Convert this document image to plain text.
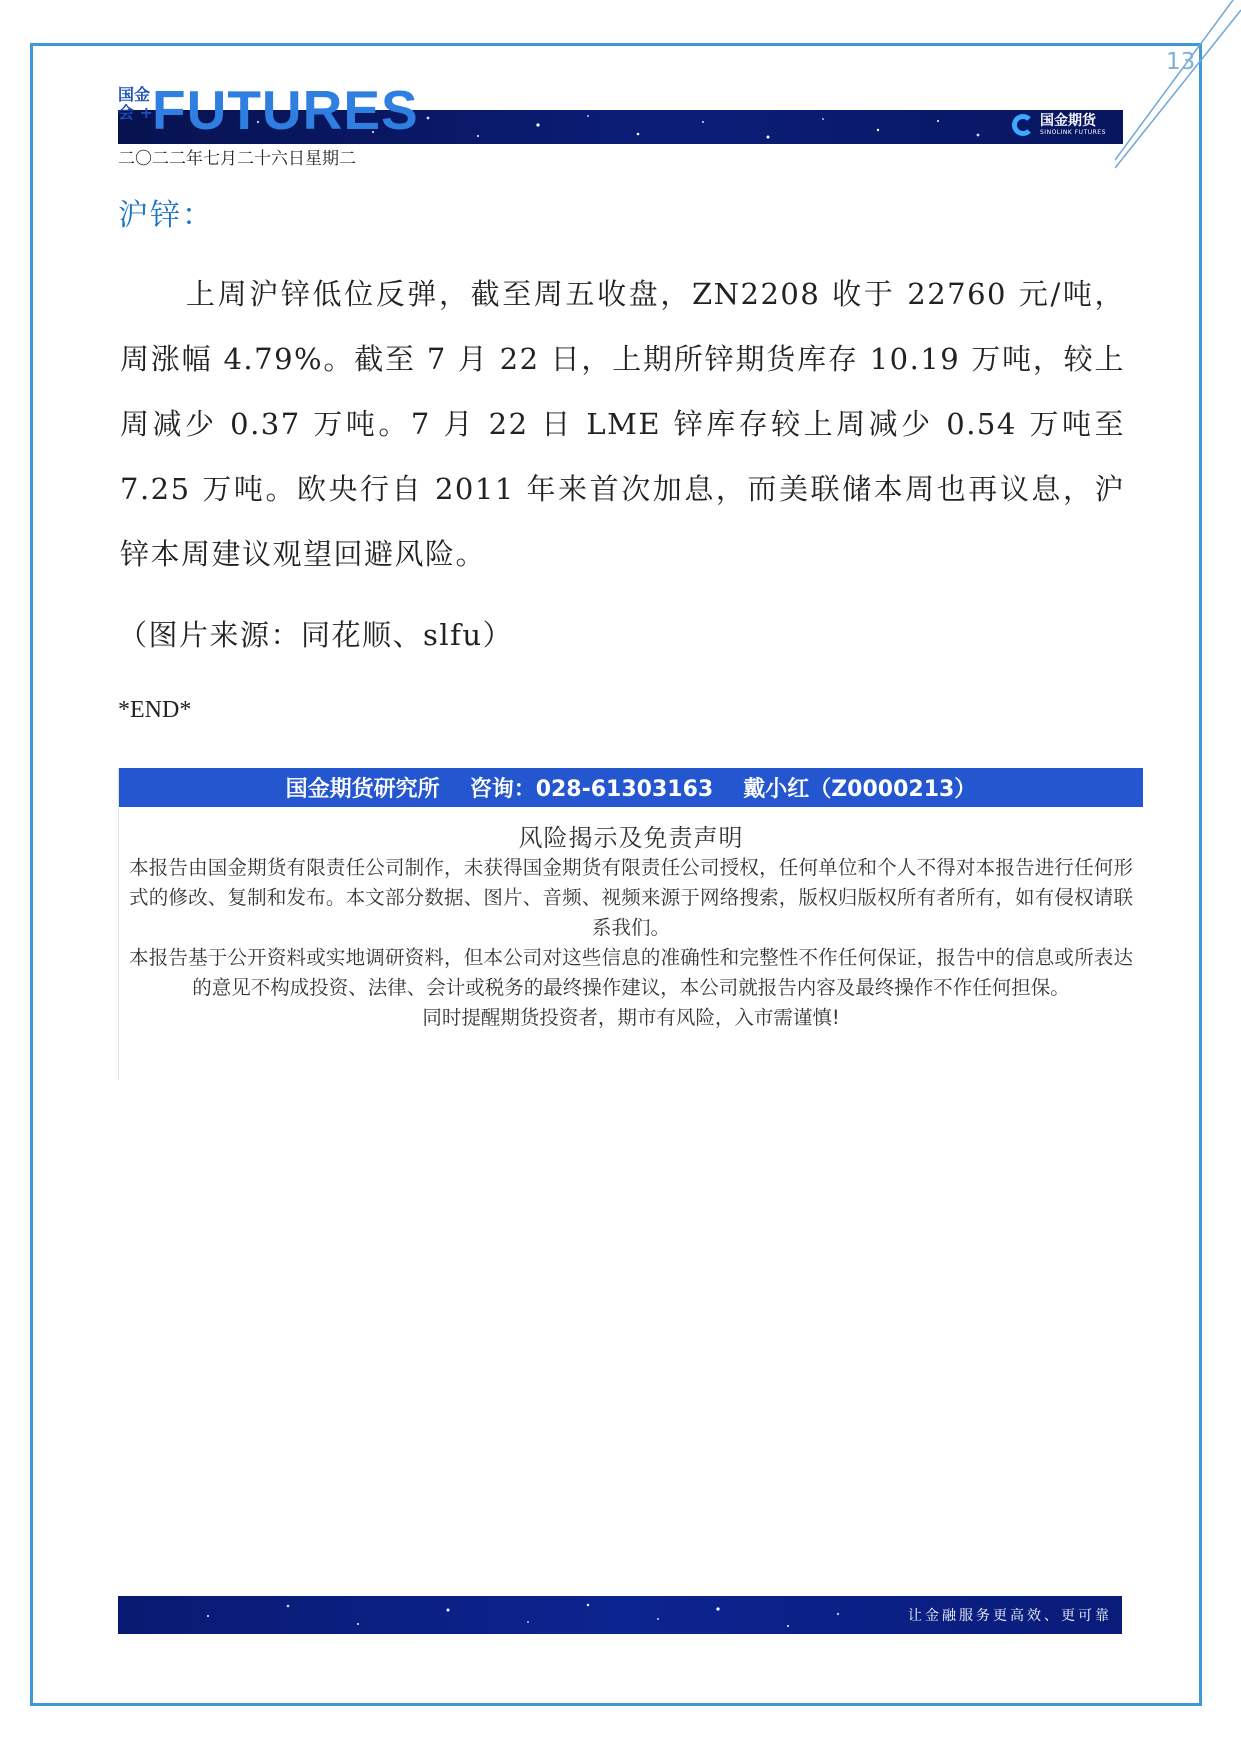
13
国金
会 + FUTURES	国金期货
SINOLINK FUTURES
二〇二二年七月二十六日星期二
沪锌：

上周沪锌低位反弹，截至周五收盘，ZN2208 收于 22760 元/吨，周涨幅 4.79%。截至 7 月 22 日，上期所锌期货库存 10.19 万吨，较上周减少 0.37 万吨。7 月 22 日 LME 锌库存较上周减少 0.54 万吨至 7.25 万吨。欧央行自 2011 年来首次加息，而美联储本周也再议息，沪锌本周建议观望回避风险。

（图片来源：同花顺、slfu）
*END*
国金期货研究所 咨询：028-61303163 戴小红（Z0000213）
风险揭示及免责声明
本报告由国金期货有限责任公司制作，未获得国金期货有限责任公司授权，任何单位和个人不得对本报告进行任何形式的修改、复制和发布。本文部分数据、图片、音频、视频来源于网络搜索，版权归版权所有者所有，如有侵权请联系我们。
本报告基于公开资料或实地调研资料，但本公司对这些信息的准确性和完整性不作任何保证，报告中的信息或所表达的意见不构成投资、法律、会计或税务的最终操作建议，本公司就报告内容及最终操作不作任何担保。
同时提醒期货投资者，期市有风险，入市需谨慎!
让金融服务更高效、更可靠
